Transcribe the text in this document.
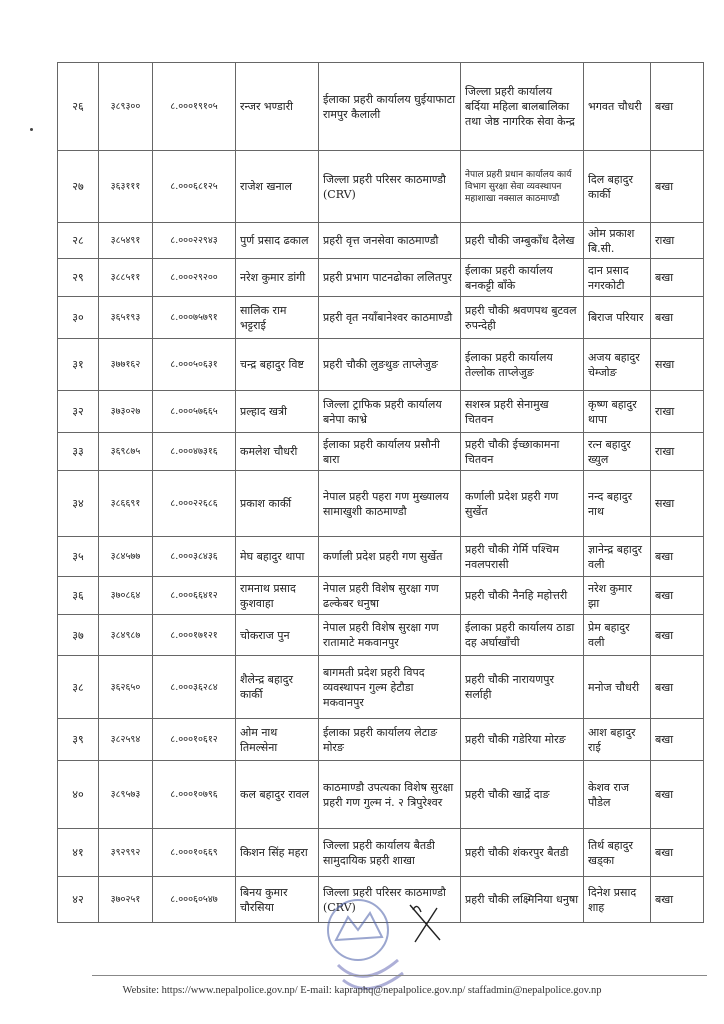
२६	३८९३००	८.०००१९१०५	रन्जर भण्डारी	ईलाका प्रहरी कार्यालय घुईयाफाटा रामपुर कैलाली	जिल्ला प्रहरी कार्यालय बर्दिया महिला बालबालिका तथा जेष्ठ नागरिक सेवा केन्द्र	भगवत चौधरी	बखा
२७	३६३१११	८.०००६८१२५	राजेश खनाल	जिल्ला प्रहरी परिसर काठमाण्डौ (CRV)	नेपाल प्रहरी प्रधान कार्यालय कार्य विभाग सुरक्षा सेवा व्यवस्थापन महाशाखा नक्साल काठमाण्डौ	दिल बहादुर कार्की	बखा
२८	३८५४९१	८.०००२२९४३	पुर्ण प्रसाद ढकाल	प्रहरी वृत्त जनसेवा काठमाण्डौ	प्रहरी चौकी जम्बुकाँध दैलेख	ओम प्रकाश बि.सी.	राखा
२९	३८८५११	८.०००२९२००	नरेश कुमार डांगी	प्रहरी प्रभाग पाटनढोका ललितपुर	ईलाका प्रहरी कार्यालय बनकट्टी बाँके	दान प्रसाद नगरकोटी	बखा
३०	३६५१९३	८.०००७५७९१	सालिक राम भट्टराई	प्रहरी वृत नयाँबानेश्वर काठमाण्डौ	प्रहरी चौकी श्रवणपथ बुटवल रुपन्देही	बिराज परियार	बखा
३१	३७७१६२	८.०००५०६३१	चन्द्र बहादुर विष्ट	प्रहरी चौकी लुङथुङ ताप्लेजुङ	ईलाका प्रहरी कार्यालय तेल्लोक ताप्लेजुङ	अजय बहादुर चेम्जोङ	सखा
३२	३७३०२७	८.०००५७६६५	प्रल्हाद खत्री	जिल्ला ट्राफिक प्रहरी कार्यालय बनेपा काभ्रे	सशस्त्र प्रहरी सेनामुख चितवन	कृष्ण बहादुर थापा	राखा
३३	३६९८७५	८.०००४७३१६	कमलेश चौधरी	ईलाका प्रहरी कार्यालय प्रसौनी बारा	प्रहरी चौकी ईच्छाकामना चितवन	रत्न बहादुर ख्युल	राखा
३४	३८६६९१	८.०००२२६८६	प्रकाश कार्की	नेपाल प्रहरी पहरा गण मुख्यालय सामाखुशी काठमाण्डौ	कर्णाली प्रदेश प्रहरी गण सुर्खेत	नन्द बहादुर नाथ	सखा
३५	३८४५७७	८.०००३८४३६	मेघ बहादुर थापा	कर्णाली प्रदेश प्रहरी गण सुर्खेत	प्रहरी चौकी गेर्मि पश्चिम नवलपरासी	ज्ञानेन्द्र बहादुर वली	बखा
३६	३७०८६४	८.०००६६४१२	रामनाथ प्रसाद कुशवाहा	नेपाल प्रहरी विशेष सुरक्षा गण ढल्केबर धनुषा	प्रहरी चौकी नैनहि महोत्तरी	नरेश कुमार झा	बखा
३७	३८४९८७	८.०००१७१२१	चोकराज पुन	नेपाल प्रहरी विशेष सुरक्षा गण रातामाटे मकवानपुर	ईलाका प्रहरी कार्यालय ठाडा दह अर्घाखाँची	प्रेम बहादुर वली	बखा
३८	३६२६५०	८.०००३६२८४	शैलेन्द्र बहादुर कार्की	बागमती प्रदेश प्रहरी विपद व्यवस्थापन गुल्म हेटौडा मकवानपुर	प्रहरी चौकी नारायणपुर सर्लाही	मनोज चौधरी	बखा
३९	३८२५९४	८.०००१०६१२	ओम नाथ तिमल्सेना	ईलाका प्रहरी कार्यालय लेटाङ मोरङ	प्रहरी चौकी गडेरिया मोरङ	आश बहादुर राई	बखा
४०	३८९५७३	८.०००१०७९६	कल बहादुर रावल	काठमाण्डौ उपत्यका विशेष सुरक्षा प्रहरी गण गुल्म नं. २ त्रिपुरेश्वर	प्रहरी चौकी खार्द्रे दाङ	केशव राज पौडेल	बखा
४१	३९२९९२	८.०००१०६६९	किशन सिंह महरा	जिल्ला प्रहरी कार्यालय बैतडी सामुदायिक प्रहरी शाखा	प्रहरी चौकी शंकरपुर बैतडी	तिर्थ बहादुर खड्का	बखा
४२	३७०२५१	८.०००६०५४७	बिनय कुमार चौरसिया	जिल्ला प्रहरी परिसर काठमाण्डौ (CRV)	प्रहरी चौकी लक्ष्मिनिया धनुषा	दिनेश प्रसाद शाह	बखा
Website: https://www.nepalpolice.gov.np/ E-mail: kapraphq@nepalpolice.gov.np/ staffadmin@nepalpolice.gov.np
